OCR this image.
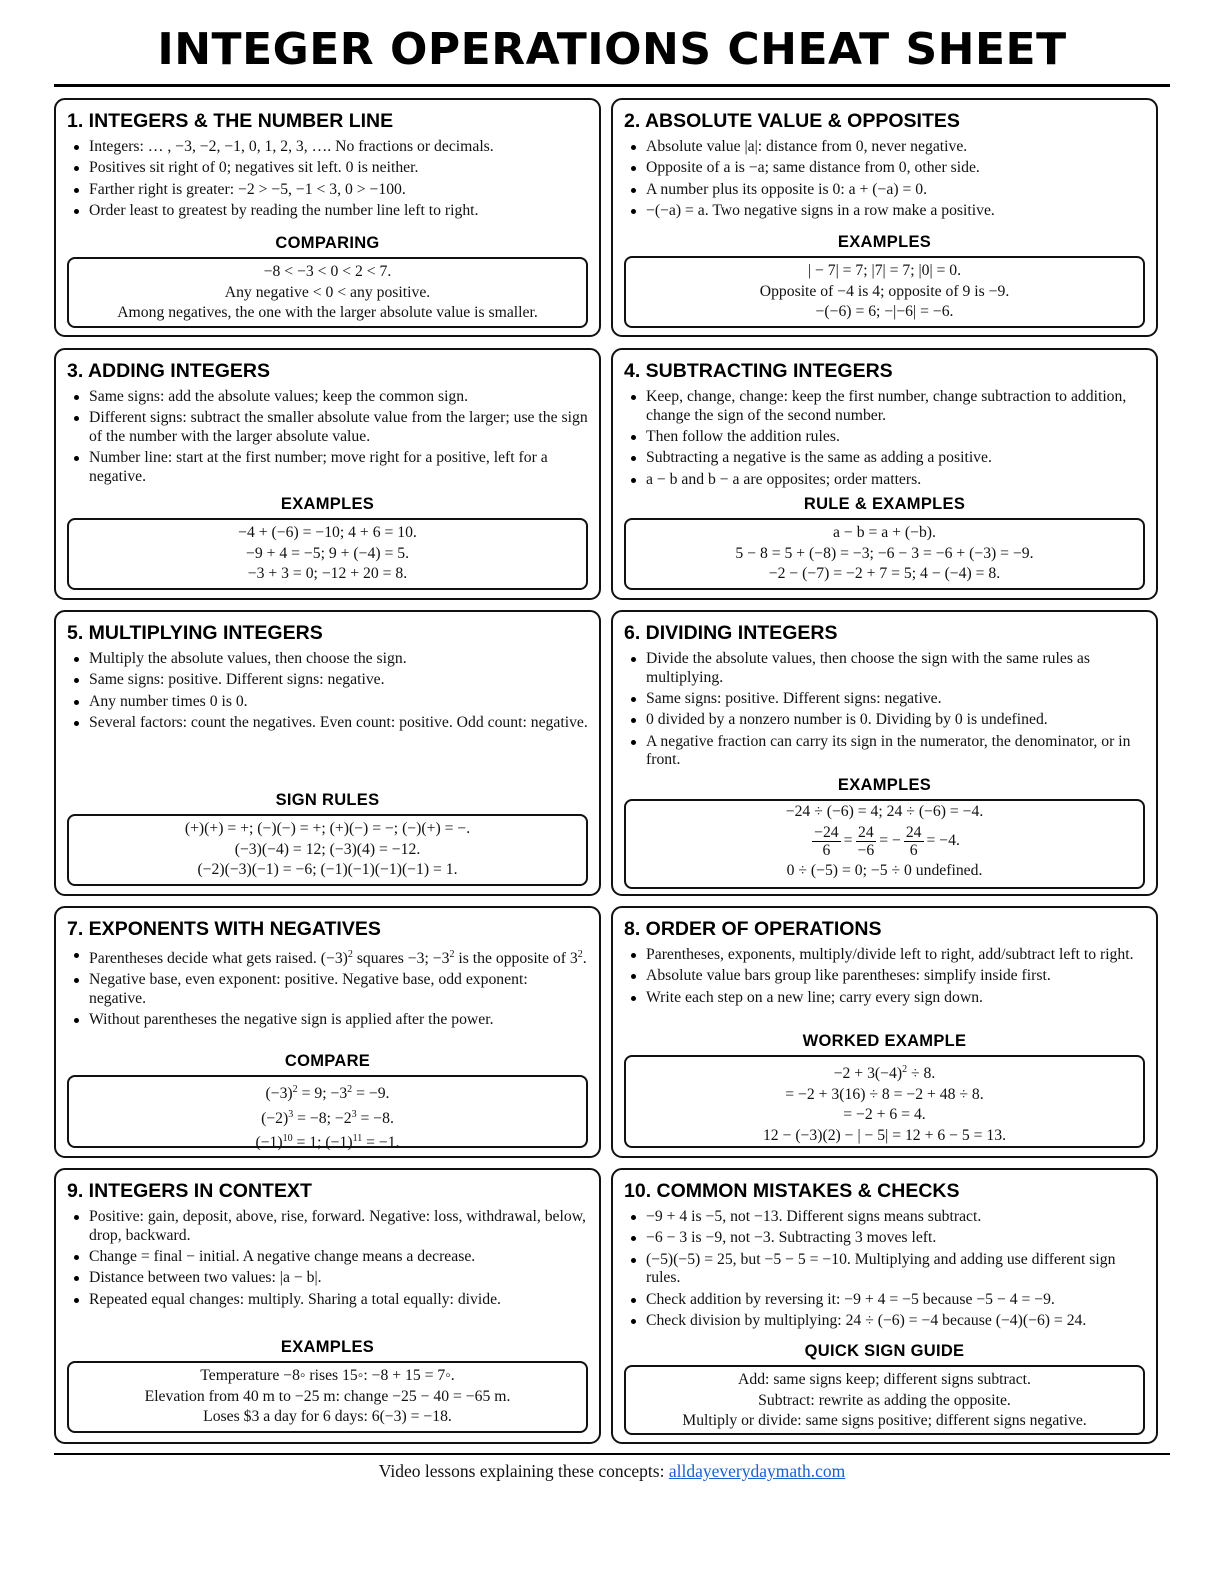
INTEGER OPERATIONS CHEAT SHEET
1. INTEGERS & THE NUMBER LINE
Integers: … , −3, −2, −1, 0, 1, 2, 3, …. No fractions or decimals.
Positives sit right of 0; negatives sit left. 0 is neither.
Farther right is greater: −2 > −5, −1 < 3, 0 > −100.
Order least to greatest by reading the number line left to right.
COMPARING
−8 < −3 < 0 < 2 < 7.
Any negative < 0 < any positive.
Among negatives, the one with the larger absolute value is smaller.
2. ABSOLUTE VALUE & OPPOSITES
Absolute value |a|: distance from 0, never negative.
Opposite of a is −a; same distance from 0, other side.
A number plus its opposite is 0: a + (−a) = 0.
−(−a) = a. Two negative signs in a row make a positive.
EXAMPLES
| − 7| = 7; |7| = 7; |0| = 0.
Opposite of −4 is 4; opposite of 9 is −9.
−(−6) = 6; −|−6| = −6.
3. ADDING INTEGERS
Same signs: add the absolute values; keep the common sign.
Different signs: subtract the smaller absolute value from the larger; use the sign of the number with the larger absolute value.
Number line: start at the first number; move right for a positive, left for a negative.
EXAMPLES
−4 + (−6) = −10; 4 + 6 = 10.
−9 + 4 = −5; 9 + (−4) = 5.
−3 + 3 = 0; −12 + 20 = 8.
4. SUBTRACTING INTEGERS
Keep, change, change: keep the first number, change subtraction to addition, change the sign of the second number.
Then follow the addition rules.
Subtracting a negative is the same as adding a positive.
a − b and b − a are opposites; order matters.
RULE & EXAMPLES
a − b = a + (−b).
5 − 8 = 5 + (−8) = −3; −6 − 3 = −6 + (−3) = −9.
−2 − (−7) = −2 + 7 = 5; 4 − (−4) = 8.
5. MULTIPLYING INTEGERS
Multiply the absolute values, then choose the sign.
Same signs: positive. Different signs: negative.
Any number times 0 is 0.
Several factors: count the negatives. Even count: positive. Odd count: negative.
SIGN RULES
(+)(+) = +; (−)(−) = +; (+)(−) = −; (−)(+) = −.
(−3)(−4) = 12; (−3)(4) = −12.
(−2)(−3)(−1) = −6; (−1)(−1)(−1)(−1) = 1.
6. DIVIDING INTEGERS
Divide the absolute values, then choose the sign with the same rules as multiplying.
Same signs: positive. Different signs: negative.
0 divided by a nonzero number is 0. Dividing by 0 is undefined.
A negative fraction can carry its sign in the numerator, the denominator, or in front.
EXAMPLES
−24 ÷ (−6) = 4; 24 ÷ (−6) = −4.
$\frac{-24}{6} = \frac{24}{-6}$ = − $\frac{24}{6} = -4$.
0 ÷ (−5) = 0; −5 ÷ 0 undefined.
7. EXPONENTS WITH NEGATIVES
Parentheses decide what gets raised. $(-3)^2$ squares −3; $-3^2$ is the opposite of $3^2$.
Negative base, even exponent: positive. Negative base, odd exponent: negative.
Without parentheses the negative sign is applied after the power.
COMPARE
$(-3)^2 = 9$; $-3^2 = -9$.
$(-2)^3 = -8$; $-2^3 = -8$.
$(-1)^{10} = 1$; $(-1)^{11} = -1$.
8. ORDER OF OPERATIONS
Parentheses, exponents, multiply/divide left to right, add/subtract left to right.
Absolute value bars group like parentheses: simplify inside first.
Write each step on a new line; carry every sign down.
WORKED EXAMPLE
$-2 + 3(-4)^2 \div 8$.
= −2 + 3(16) ÷ 8 = −2 + 48 ÷ 8.
= −2 + 6 = 4.
12 − (−3)(2) − | − 5| = 12 + 6 − 5 = 13.
9. INTEGERS IN CONTEXT
Positive: gain, deposit, above, rise, forward. Negative: loss, withdrawal, below, drop, backward.
Change = final − initial. A negative change means a decrease.
Distance between two values: |a − b|.
Repeated equal changes: multiply. Sharing a total equally: divide.
EXAMPLES
Temperature −8◦ rises 15◦: −8 + 15 = 7◦.
Elevation from 40 m to −25 m: change −25 − 40 = −65 m.
Loses $3 a day for 6 days: 6(−3) = −18.
10. COMMON MISTAKES & CHECKS
−9 + 4 is −5, not −13. Different signs means subtract.
−6 − 3 is −9, not −3. Subtracting 3 moves left.
(−5)(−5) = 25, but −5 − 5 = −10. Multiplying and adding use different sign rules.
Check addition by reversing it: −9 + 4 = −5 because −5 − 4 = −9.
Check division by multiplying: 24 ÷ (−6) = −4 because (−4)(−6) = 24.
QUICK SIGN GUIDE
Add: same signs keep; different signs subtract.
Subtract: rewrite as adding the opposite.
Multiply or divide: same signs positive; different signs negative.
Video lessons explaining these concepts: alldayeverydaymath.com
